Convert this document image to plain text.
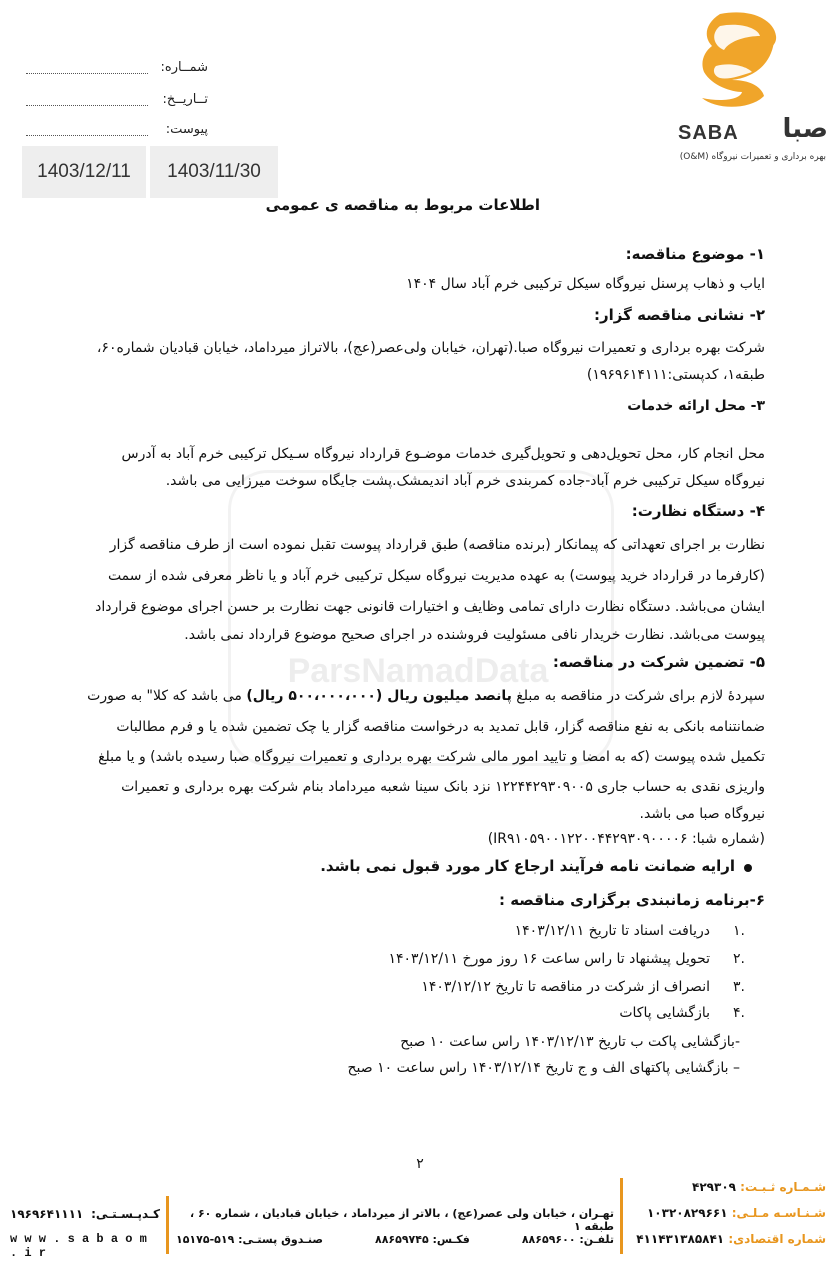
شمــاره:
تــاریــخ:
پیوست:
1403/12/11	1403/11/30
SABA	صبا
بهره برداری و تعمیرات نیروگاه (O&M)
ParsNamadData
اطلاعات مربوط به مناقصه ی عمومی
۱- موضوع مناقصه:
ایاب و ذهاب پرسنل نیروگاه سیکل ترکیبی خرم آباد سال ۱۴۰۴
۲- نشانی مناقصه گزار:
شرکت بهره برداری و تعمیرات نیروگاه صبا.(تهران، خیابان ولی‌عصر(عج)، بالاتراز میرداماد، خیابان قبادیان شماره۶۰،
طبقه۱، کدپستی:۱۹۶۹۶۱۴۱۱۱)
۳- محل ارائه خدمات
محل انجام کار، محل تحویل‌دهی و تحویل‌گیری خدمات موضـوع قرارداد نیروگاه سـیکل ترکیبی خرم آباد به آدرس
نیروگاه سیکل ترکیبی خرم آباد-جاده کمربندی خرم آباد اندیمشک.پشت جایگاه سوخت میرزایی می باشد.
۴- دستگاه نظارت:
نظارت بر اجرای تعهداتی که پیمانکار (برنده مناقصه) طبق قرارداد پیوست تقبل نموده است از طرف مناقصه گزار
(کارفرما در قرارداد خرید پیوست) به عهده مدیریت نیروگاه سیکل ترکیبی خرم آباد و یا ناظر معرفی شده از سمت
ایشان می‌باشد. دستگاه نظارت دارای تمامی وظایف و اختیارات قانونی جهت نظارت بر حسن اجرای موضوع قرارداد
پیوست می‌باشد. نظارت خریدار نافی مسئولیت فروشنده در اجرای صحیح موضوع قرارداد نمی باشد.
۵- تضمین شرکت در مناقصه:
سپردهٔ لازم برای شرکت در مناقصه به مبلغ پانصد میلیون ریال (۵۰۰،۰۰۰،۰۰۰ ریال) می باشد که کلا" به صورت
ضمانتنامه بانکی به نفع مناقصه گزار، قابل تمدید به درخواست مناقصه گزار یا چک تضمین شده یا و فرم مطالبات
تکمیل شده پیوست (که به امضا و تایید امور مالی شرکت بهره برداری و تعمیرات نیروگاه صبا رسیده باشد) و یا مبلغ
واریزی نقدی به حساب جاری ۱۲۲۴۴۲۹۳۰۹۰۰۵ نزد بانک سینا شعبه میرداماد بنام شرکت بهره برداری و تعمیرات
نیروگاه صبا می باشد.
(شماره شبا: IR۹۱۰۵۹۰۰۱۲۲۰۰۴۴۲۹۳۰۹۰۰۰۰۶)
ارایه ضمانت نامه فرآیند ارجاع کار مورد قبول نمی باشد.
۶-برنامه زمانبندی برگزاری مناقصه :
.۱
دریافت اسناد تا تاریخ ۱۴۰۳/۱۲/۱۱
.۲
تحویل پیشنهاد تا راس ساعت ۱۶ روز مورخ ۱۴۰۳/۱۲/۱۱
.۳
انصراف از شرکت در مناقصه تا تاریخ ۱۴۰۳/۱۲/۱۲
.۴
بازگشایی پاکات
-بازگشایی پاکت ب تاریخ ۱۴۰۳/۱۲/۱۳ راس ساعت ۱۰ صبح
– بازگشایی پاکتهای الف و ج تاریخ ۱۴۰۳/۱۲/۱۴ راس ساعت ۱۰ صبح
۲
شـمـاره ثـبـت: ۴۲۹۳۰۹
شـنـاسـه مـلـی: ۱۰۳۲۰۸۲۹۶۶۱
شماره اقتصادی: ۴۱۱۴۳۱۳۸۵۸۴۱
تهـران ، خیابان ولی عصر(عج) ، بالاتر از میرداماد ، خیابان قبادیان ، شماره ۶۰ ، طبقه ۱
تلفـن: ۸۸۶۵۹۶۰۰
فکـس: ۸۸۶۵۹۷۴۵
صنـدوق پستـی: ۵۱۹-۱۵۱۷۵
کـدپـسـتـی:
۱۹۶۹۶۴۱۱۱۱
w w w . s a b a o m . i r
